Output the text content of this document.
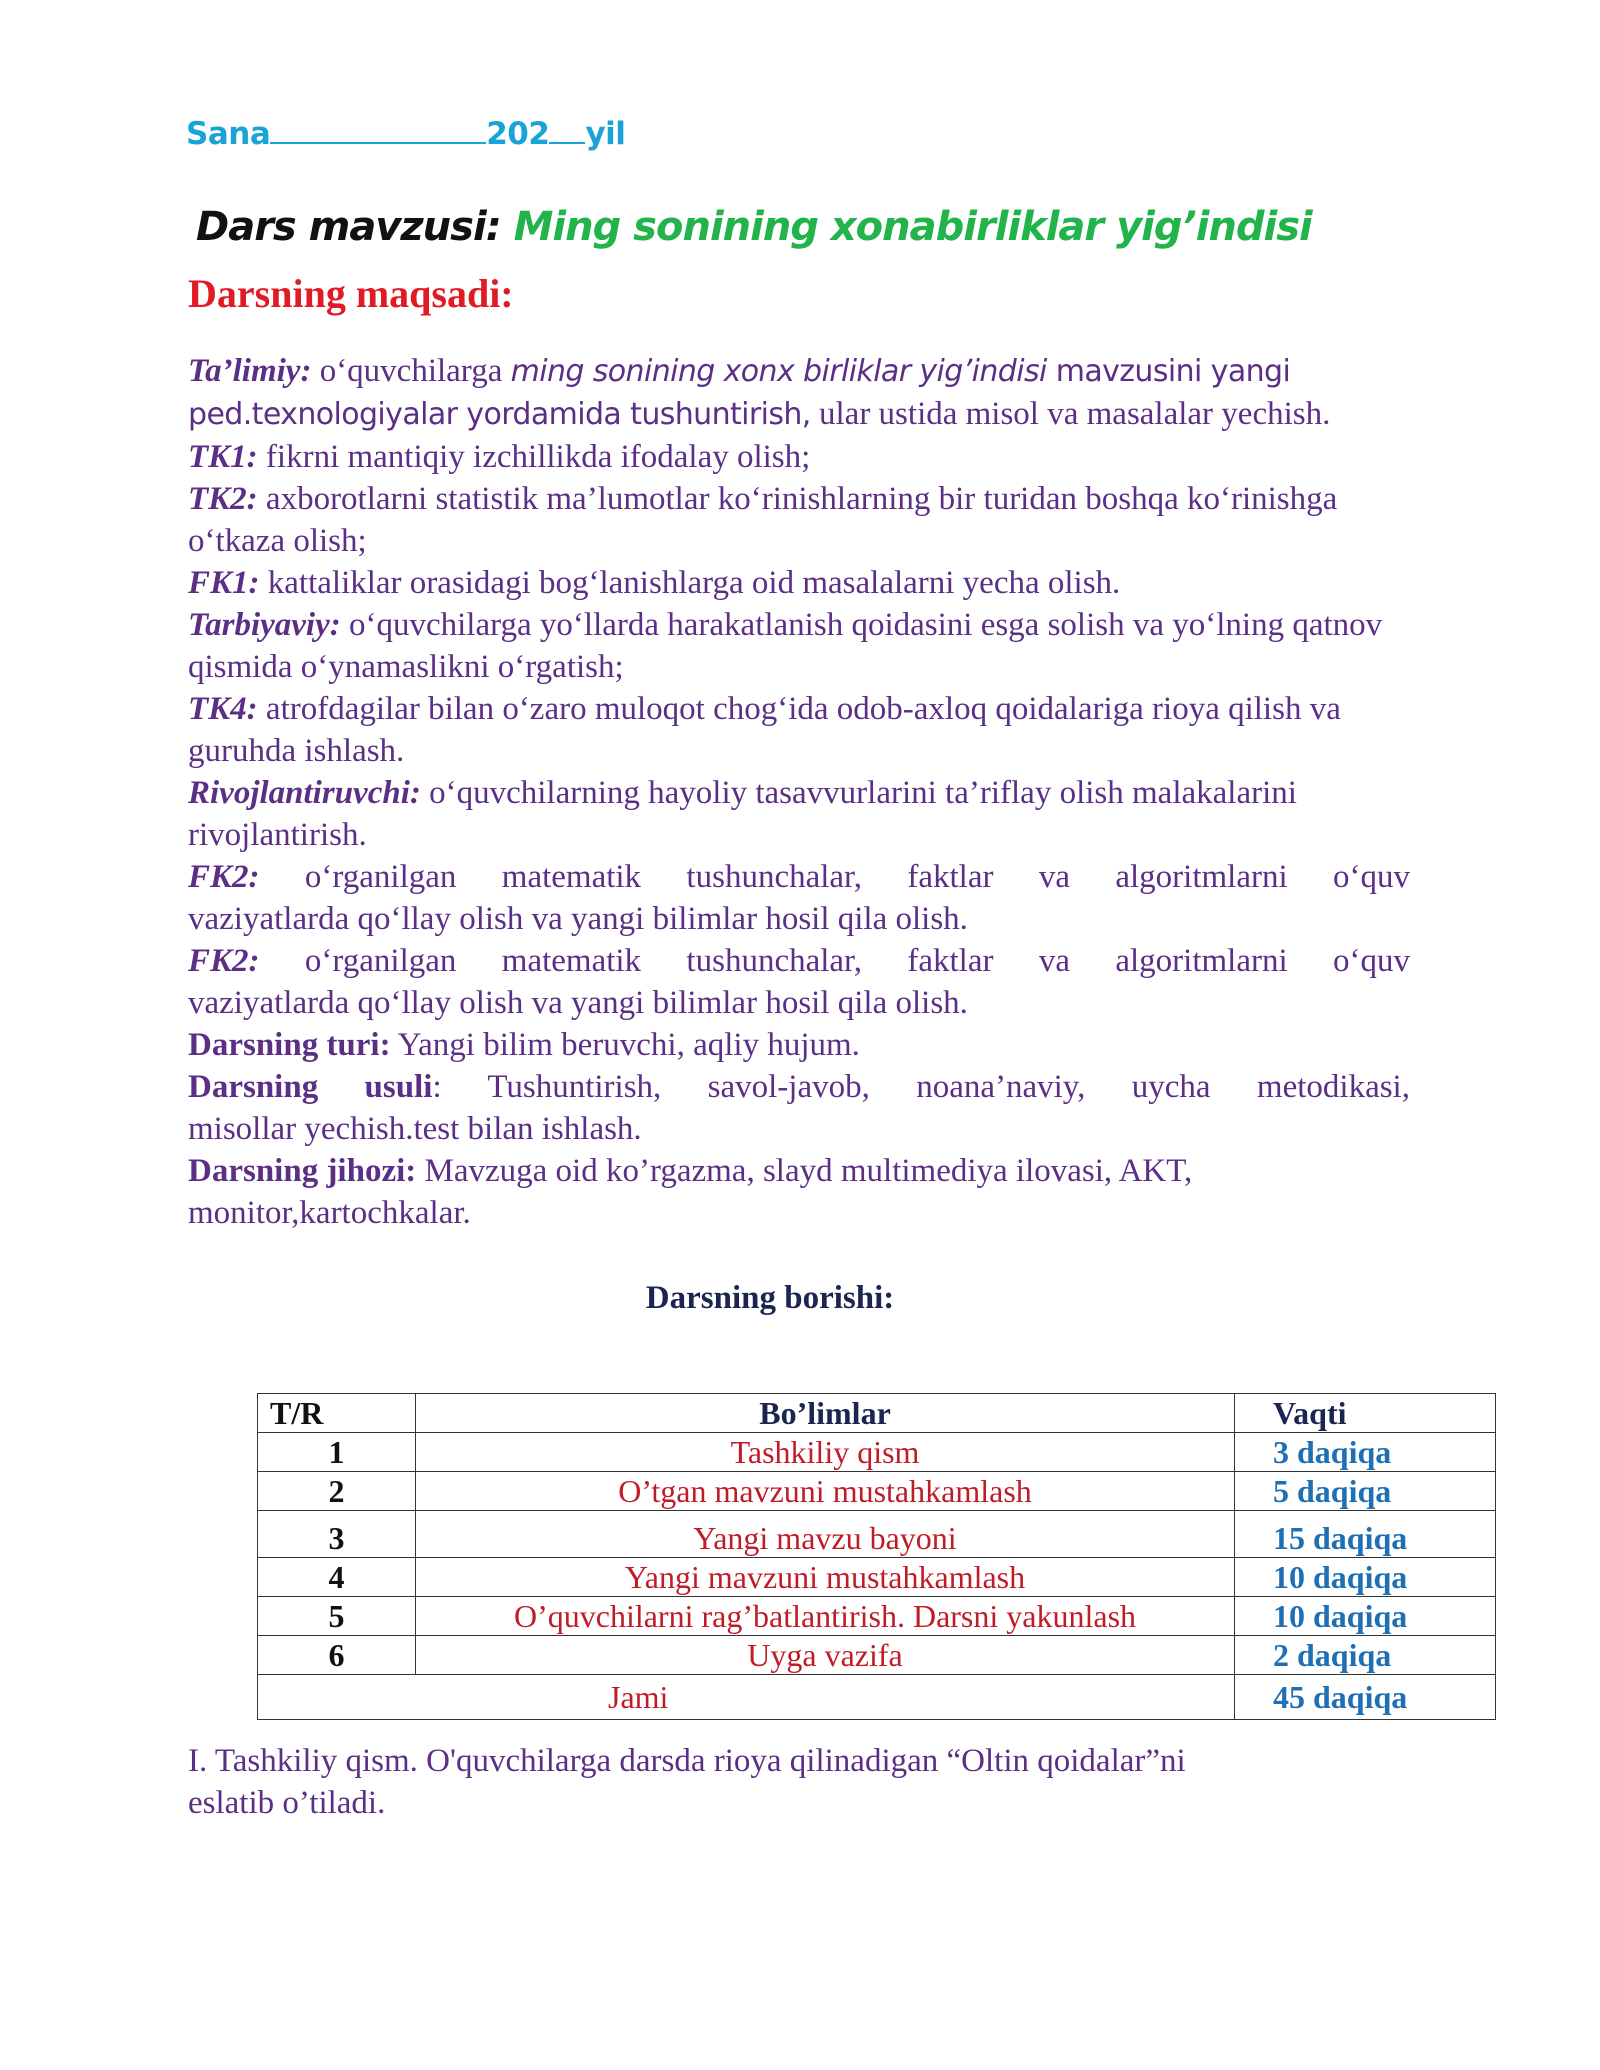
Sana	202 yil
Dars mavzusi: Ming sonining xonabirliklar yig’indisi
Darsning maqsadi:

Ta’limiy: o‘quvchilarga ming sonining xonx birliklar yig’indisi mavzusini yangi ped.texnologiyalar yordamida tushuntirish, ular ustida misol va masalalar yechish.

TK1: fikrni mantiqiy izchillikda ifodalay olish;

TK2: axborotlarni statistik ma’lumotlar ko‘rinishlarning bir turidan boshqa ko‘rinishga o‘tkaza olish;

FK1: kattaliklar orasidagi bog‘lanishlarga oid masalalarni yecha olish.

Tarbiyaviy: o‘quvchilarga yo‘llarda harakatlanish qoidasini esga solish va yo‘lning qatnov qismida o‘ynamaslikni o‘rgatish;

TK4: atrofdagilar bilan o‘zaro muloqot chog‘ida odob-axloq qoidalariga rioya qilish va guruhda ishlash.

Rivojlantiruvchi: o‘quvchilarning hayoliy tasavvurlarini ta’riflay olish malakalarini rivojlantirish.

FK2: o‘rganilgan matematik tushunchalar, faktlar va algoritmlarni o‘quv

vaziyatlarda qo‘llay olish va yangi bilimlar hosil qila olish.

FK2: o‘rganilgan matematik tushunchalar, faktlar va algoritmlarni o‘quv

vaziyatlarda qo‘llay olish va yangi bilimlar hosil qila olish.

Darsning turi: Yangi bilim beruvchi, aqliy hujum.

Darsning usuli: Tushuntirish, savol-javob, noana’naviy, uycha metodikasi,

misollar yechish.test bilan ishlash.

Darsning jihozi: Mavzuga oid ko’rgazma, slayd multimediya ilovasi, AKT, monitor,kartochkalar.

Darsning borishi:
T/R	Bo’limlar	Vaqti
1	Tashkiliy qism	3 daqiqa
2	O’tgan mavzuni mustahkamlash	5 daqiqa
3	Yangi mavzu bayoni	15 daqiqa
4	Yangi mavzuni mustahkamlash	10 daqiqa
5	O’quvchilarni rag’batlantirish. Darsni yakunlash	10 daqiqa
6	Uyga vazifa	2 daqiqa
Jami		45 daqiqa

I. Tashkiliy qism. O'quvchilarga darsda rioya qilinadigan “Oltin qoidalar”ni

eslatib o’tiladi.
